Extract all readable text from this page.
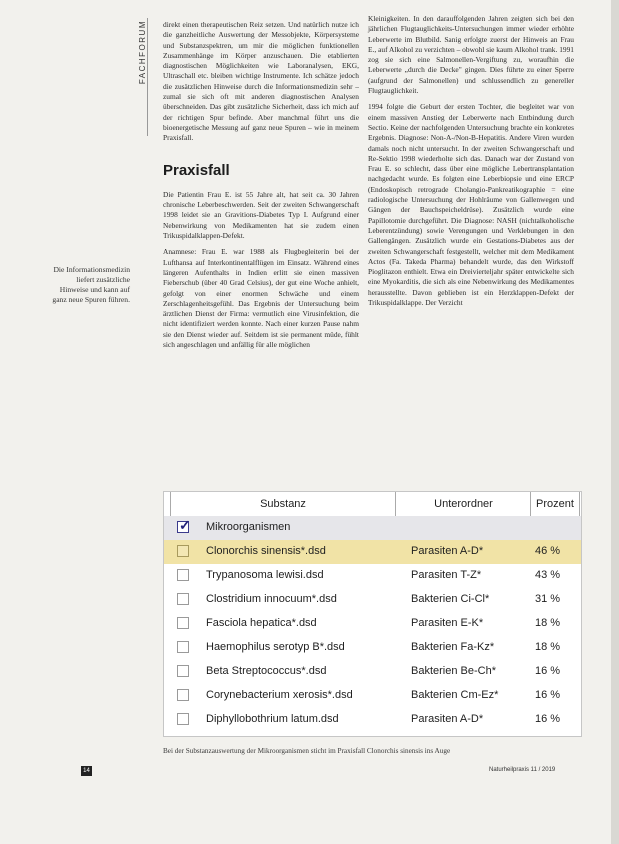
FACHFORUM direkt einen therapeutischen Reiz setzen. Und natürlich nutze ich die ganzheitliche Auswertung der Messobjekte, Körpersysteme und Substanzspektren, um mir die möglichen funktionellen Zusammenhänge im Körper anzuschauen. Die etablierten diagnostischen Möglichkeiten wie Laboranalysen, EKG, Ultraschall etc. bleiben wichtige Instrumente. Ich schätze jedoch die zusätzlichen Hinweise durch die Informationsmedizin sehr – zumal sie sich oft mit anderen diagnostischen Analysen überschneiden. Das gibt zusätzliche Sicherheit, dass ich mich auf der richtigen Spur befinde. Aber manchmal führt uns die bioenergetische Messung auf ganz neue Spuren – wie in meinem Praxisfall.

Praxisfall

Die Patientin Frau E. ist 55 Jahre alt, hat seit ca. 30 Jahren chronische Leberbeschwerden. Seit der zweiten Schwangerschaft 1998 leidet sie an Gravitions-Diabetes Typ I. Aufgrund einer Nebenwirkung von Medikamenten hat sie zudem einen Trikuspidalklappen-Defekt.

Anamnese: Frau E. war 1988 als Flugbegleiterin bei der Lufthansa auf Interkontinentalflügen im Einsatz. Während eines längeren Aufenthalts in Indien erlitt sie einen massiven Fieberschub (über 40 Grad Celsius), der gut eine Woche anhielt, gefolgt von einer enormen Schwäche und einem Zerschlagenheitsgefühl. Das Ergebnis der Untersuchung beim ärztlichen Dienst der Firma: vermutlich eine Virusinfektion, die nicht identifiziert werden konnte. Nach einer kurzen Pause nahm sie den Dienst wieder auf. Seitdem ist sie permanent müde, fühlt sich angeschlagen und anfällig für alle möglichen

Kleinigkeiten. In den darauffolgenden Jahren zeigten sich bei den jährlichen Flugtauglichkeits-Untersuchungen immer wieder erhöhte Leberwerte im Blutbild. Sanig erfolgte zuerst der Hinweis an Frau E., auf Alkohol zu verzichten – obwohl sie kaum Alkohol trank. 1991 zog sie sich eine Salmonellen-Vergiftung zu, woraufhin die Leberwerte „durch die Decke" gingen. Dies führte zu einer Sperre (aufgrund der Salmonellen) und schlussendlich zu genereller Flugtauglichkeit.

1994 folgte die Geburt der ersten Tochter, die begleitet war von einem massiven Anstieg der Leberwerte nach Entbindung durch Sectio. Keine der nachfolgenden Untersuchung brachte ein konkretes Ergebnis. Diagnose: Non-A-/Non-B-Hepatitis. Andere Viren wurden damals noch nicht untersucht. In der zweiten Schwangerschaft und Re-Sektio 1998 wiederholte sich das. Danach war der Zustand von Frau E. so schlecht, dass über eine mögliche Lebertransplantation nachgedacht wurde. Es folgten eine Leberbiopsie und eine ERCP (Endoskopisch retrograde Cholangio-Pankreatikographie = eine radiologische Untersuchung der Hohlräume von Gallenwegen und Gängen der Bauchspeicheldrüse). Zusätzlich wurde eine Papillotomie durchgeführt. Die Diagnose: NASH (nichtalkoholische Leberentzündung) sowie Verengungen und Verklebungen in den Gallengängen. Zusätzlich wurde ein Gestations-Diabetes aus der zweiten Schwangerschaft festgestellt, welcher mit dem Medikament Actos (Fa. Takeda Pharma) behandelt wurde, das den Wirkstoff Pioglitazon enthielt. Etwa ein Dreivierteljahr später entwickelte sich eine Myokarditis, die sich als eine Nebenwirkung des Medikamentes herausstellte. Davon geblieben ist ein Herzklappen-Defekt der Trikuspidalklappe. Der Verzicht

Die Informationsmedizin liefert zusätzliche Hinweise und kann auf ganz neue Spuren führen.
Substanz	Unterordner	Prozent
✓
Mikroorganismen
Clonorchis sinensis*.dsd	Parasiten A-D*	46 %
Trypanosoma lewisi.dsd	Parasiten T-Z*	43 %
Clostridium innocuum*.dsd	Bakterien Ci-Cl*	31 %
Fasciola hepatica*.dsd	Parasiten E-K*	18 %
Haemophilus serotyp B*.dsd	Bakterien Fa-Kz*	18 %
Beta Streptococcus*.dsd	Bakterien Be-Ch*	16 %
Corynebacterium xerosis*.dsd	Bakterien Cm-Ez*	16 %
Diphyllobothrium latum.dsd	Parasiten A-D*	16 %
Bei der Substanzauswertung der Mikroorganismen sticht im Praxisfall Clonorchis sinensis ins Auge
14	Naturheilpraxis 11 / 2019
